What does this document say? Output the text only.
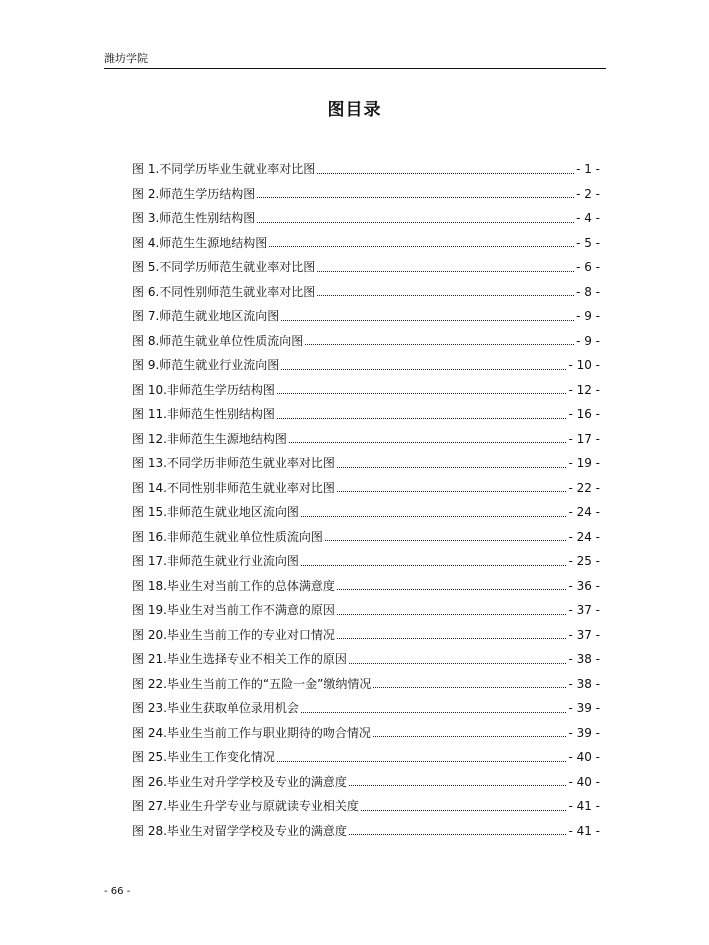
潍坊学院
图目录
图 1.不同学历毕业生就业率对比图	- 1 -
图 2.师范生学历结构图	- 2 -
图 3.师范生性别结构图	- 4 -
图 4.师范生生源地结构图	- 5 -
图 5.不同学历师范生就业率对比图	- 6 -
图 6.不同性别师范生就业率对比图	- 8 -
图 7.师范生就业地区流向图	- 9 -
图 8.师范生就业单位性质流向图	- 9 -
图 9.师范生就业行业流向图	- 10 -
图 10.非师范生学历结构图	- 12 -
图 11.非师范生性别结构图	- 16 -
图 12.非师范生生源地结构图	- 17 -
图 13.不同学历非师范生就业率对比图	- 19 -
图 14.不同性别非师范生就业率对比图	- 22 -
图 15.非师范生就业地区流向图	- 24 -
图 16.非师范生就业单位性质流向图	- 24 -
图 17.非师范生就业行业流向图	- 25 -
图 18.毕业生对当前工作的总体满意度	- 36 -
图 19.毕业生对当前工作不满意的原因	- 37 -
图 20.毕业生当前工作的专业对口情况	- 37 -
图 21.毕业生选择专业不相关工作的原因	- 38 -
图 22.毕业生当前工作的“五险一金”缴纳情况	- 38 -
图 23.毕业生获取单位录用机会	- 39 -
图 24.毕业生当前工作与职业期待的吻合情况	- 39 -
图 25.毕业生工作变化情况	- 40 -
图 26.毕业生对升学学校及专业的满意度	- 40 -
图 27.毕业生升学专业与原就读专业相关度	- 41 -
图 28.毕业生对留学学校及专业的满意度	- 41 -
- 66 -
